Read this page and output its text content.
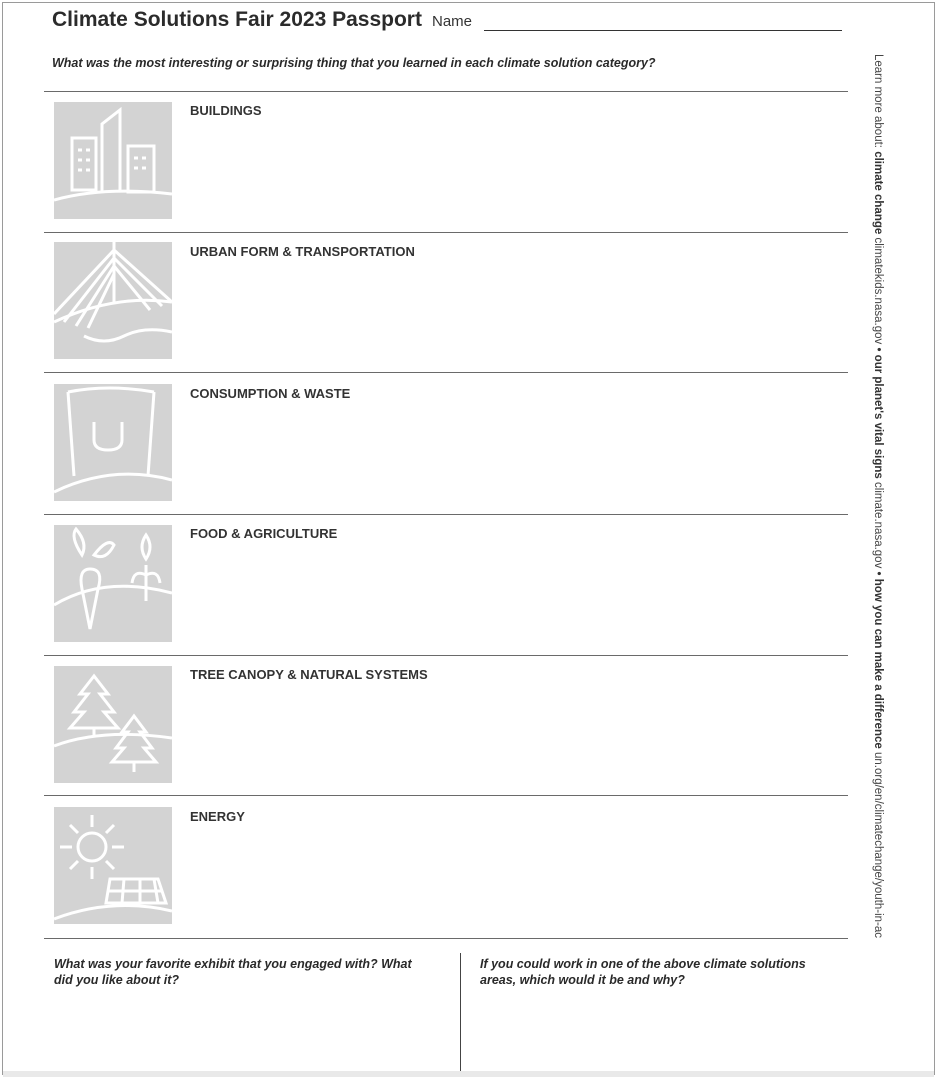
Climate Solutions Fair 2023 Passport Name
What was the most interesting or surprising thing that you learned in each climate solution category?
BUILDINGS
URBAN FORM & TRANSPORTATION
CONSUMPTION & WASTE
FOOD & AGRICULTURE
TREE CANOPY & NATURAL SYSTEMS
ENERGY
What was your favorite exhibit that you engaged with? What did you like about it?
If you could work in one of the above climate solutions areas, which would it be and why?
Learn more about: climate change climatekids.nasa.gov • our planet's vital signs climate.nasa.gov • how you can make a difference un.org/en/climatechange/youth-in-ac
